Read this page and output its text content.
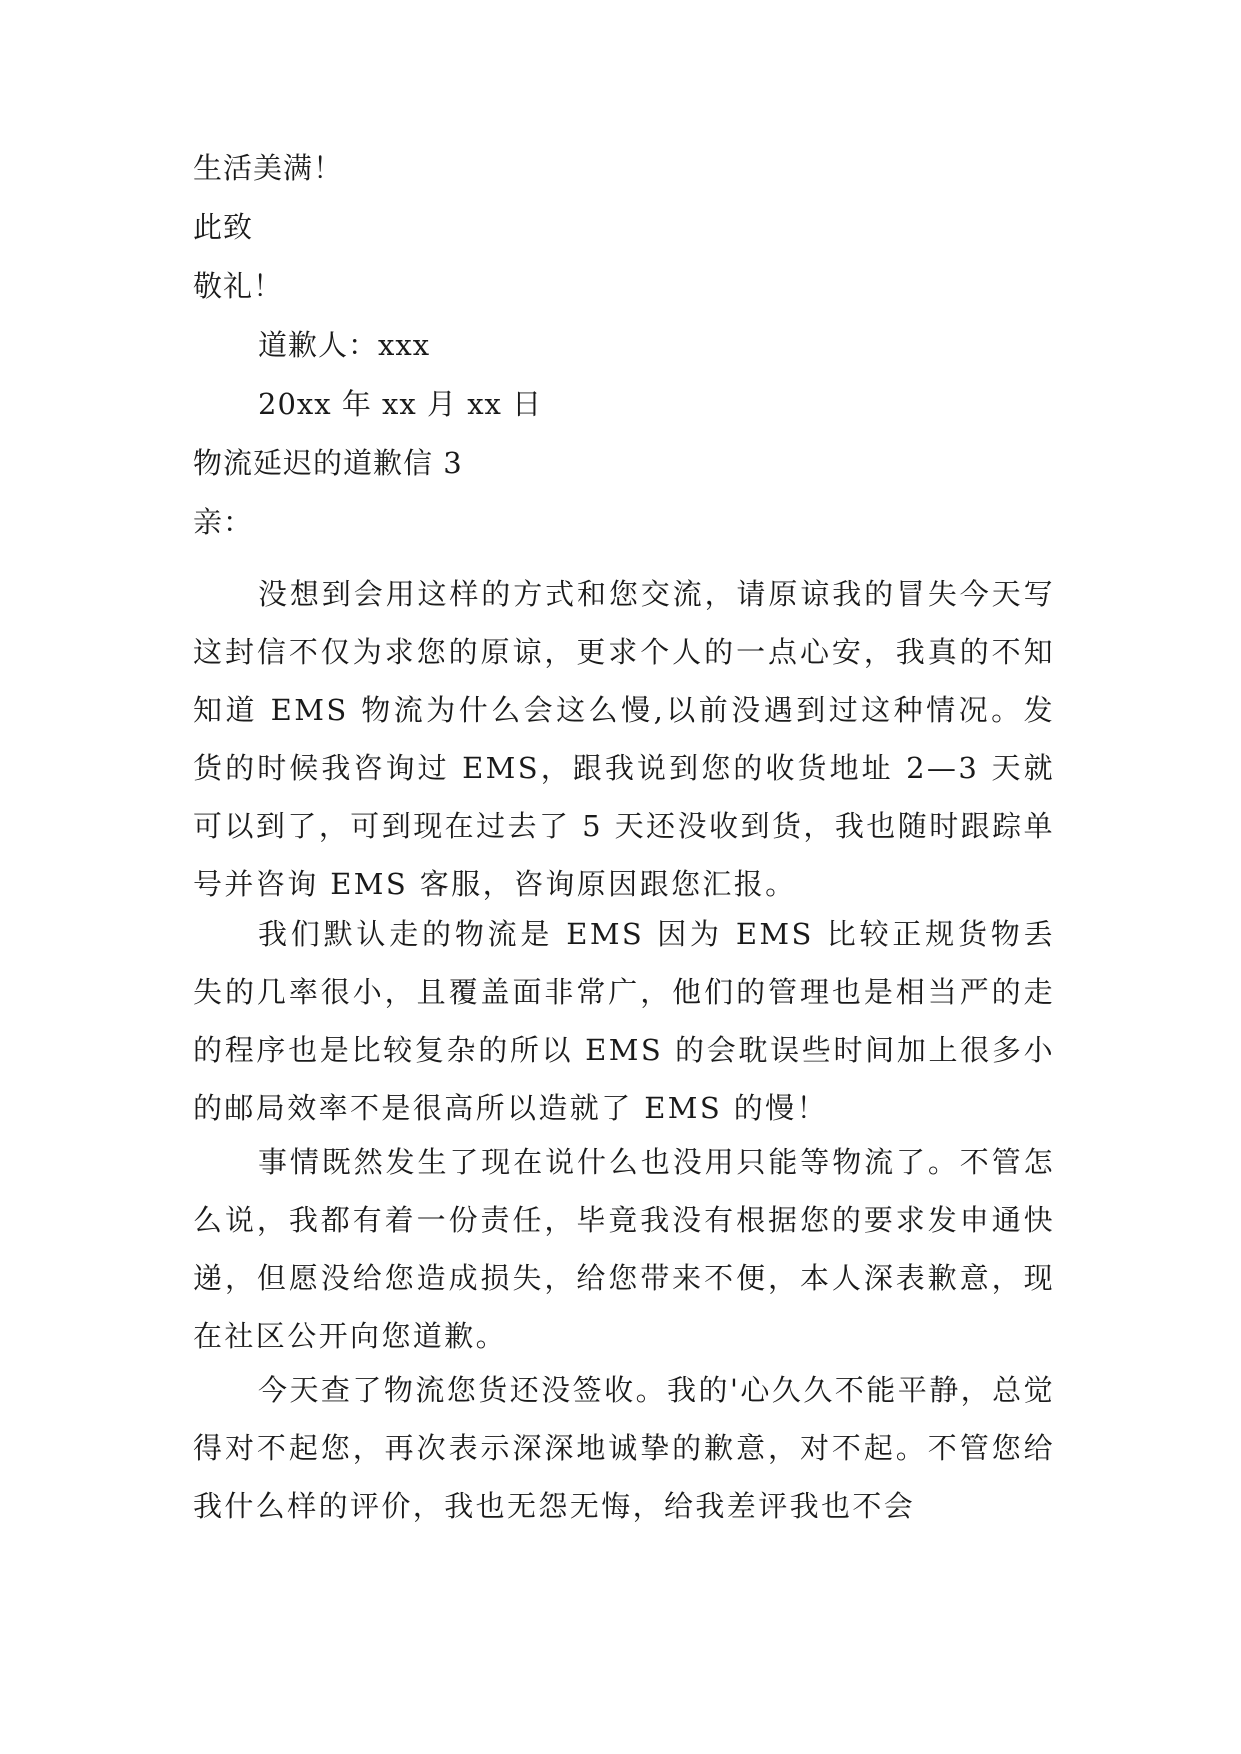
生活美满！
此致
敬礼！
道歉人：xxx
20xx 年 xx 月 xx 日
物流延迟的道歉信 3
亲：
没想到会用这样的方式和您交流，请原谅我的冒失今天写这封信不仅为求您的原谅，更求个人的一点心安，我真的不知知道 EMS 物流为什么会这么慢,以前没遇到过这种情况。发货的时候我咨询过 EMS，跟我说到您的收货地址 2—3 天就可以到了，可到现在过去了 5 天还没收到货，我也随时跟踪单号并咨询 EMS 客服，咨询原因跟您汇报。
我们默认走的物流是 EMS 因为 EMS 比较正规货物丢失的几率很小，且覆盖面非常广，他们的管理也是相当严的走的程序也是比较复杂的所以 EMS 的会耽误些时间加上很多小的邮局效率不是很高所以造就了 EMS 的慢！
事情既然发生了现在说什么也没用只能等物流了。不管怎么说，我都有着一份责任，毕竟我没有根据您的要求发申通快递，但愿没给您造成损失，给您带来不便，本人深表歉意，现在社区公开向您道歉。
今天查了物流您货还没签收。我的'心久久不能平静，总觉得对不起您，再次表示深深地诚挚的歉意，对不起。不管您给我什么样的评价，我也无怨无悔，给我差评我也不会
